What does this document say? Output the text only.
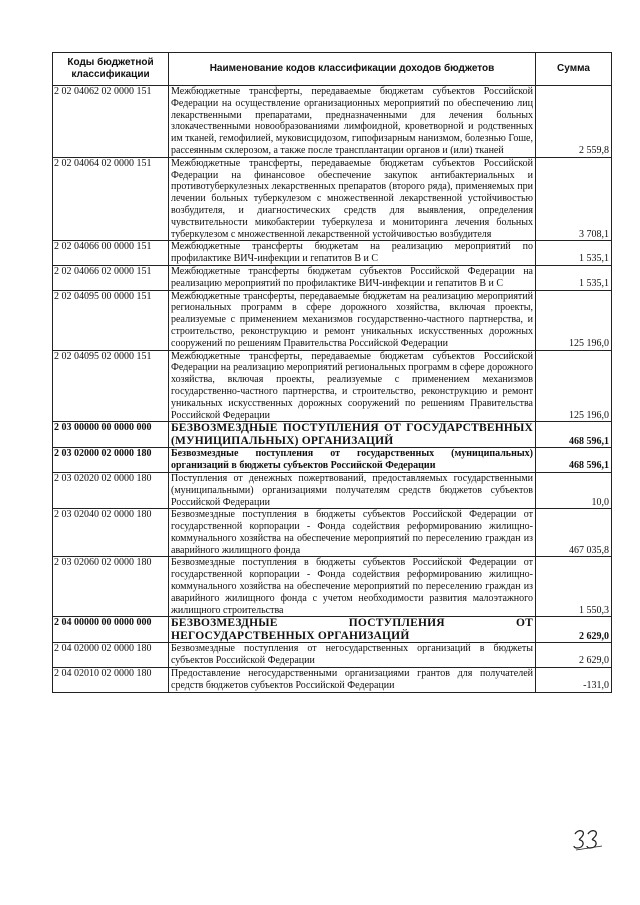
Коды бюджетной классификации	Наименование кодов классификации доходов бюджетов	Сумма
2 02 04062 02 0000 151	Межбюджетные трансферты, передаваемые бюджетам субъектов Российской Федерации на осуществление организационных мероприятий по обеспечению лиц лекарственными препаратами, предназначенными для лечения больных злокачественными новообразованиями лимфоидной, кроветворной и родственных им тканей, гемофилией, муковисцидозом, гипофизарным нанизмом, болезнью Гоше, рассеянным склерозом, а также после трансплантации органов и (или) тканей	2 559,8
2 02 04064 02 0000 151	Межбюджетные трансферты, передаваемые бюджетам субъектов Российской Федерации на финансовое обеспечение закупок антибактериальных и противотуберкулезных лекарственных препаратов (второго ряда), применяемых при лечении больных туберкулезом с множественной лекарственной устойчивостью возбудителя, и диагностических средств для выявления, определения чувствительности микобактерии туберкулеза и мониторинга лечения больных туберкулезом с множественной лекарственной устойчивостью возбудителя	3 708,1
2 02 04066 00 0000 151	Межбюджетные трансферты бюджетам на реализацию мероприятий по профилактике ВИЧ-инфекции и гепатитов В и С	1 535,1
2 02 04066 02 0000 151	Межбюджетные трансферты бюджетам субъектов Российской Федерации на реализацию мероприятий по профилактике ВИЧ-инфекции и гепатитов В и С	1 535,1
2 02 04095 00 0000 151	Межбюджетные трансферты, передаваемые бюджетам на реализацию мероприятий региональных программ в сфере дорожного хозяйства, включая проекты, реализуемые с применением механизмов государственно-частного партнерства, и строительство, реконструкцию и ремонт уникальных искусственных дорожных сооружений по решениям Правительства Российской Федерации	125 196,0
2 02 04095 02 0000 151	Межбюджетные трансферты, передаваемые бюджетам субъектов Российской Федерации на реализацию мероприятий региональных программ в сфере дорожного хозяйства, включая проекты, реализуемые с применением механизмов государственно-частного партнерства, и строительство, реконструкцию и ремонт уникальных искусственных дорожных сооружений по решениям Правительства Российской Федерации	125 196,0
2 03 00000 00 0000 000	БЕЗВОЗМЕЗДНЫЕ ПОСТУПЛЕНИЯ ОТ ГОСУДАРСТВЕННЫХ (МУНИЦИПАЛЬНЫХ) ОРГАНИЗАЦИЙ	468 596,1
2 03 02000 02 0000 180	Безвозмездные поступления от государственных (муниципальных) организаций в бюджеты субъектов Российской Федерации	468 596,1
2 03 02020 02 0000 180	Поступления от денежных пожертвований, предоставляемых государственными (муниципальными) организациями получателям средств бюджетов субъектов Российской Федерации	10,0
2 03 02040 02 0000 180	Безвозмездные поступления в бюджеты субъектов Российской Федерации от государственной корпорации - Фонда содействия реформированию жилищно-коммунального хозяйства на обеспечение мероприятий по переселению граждан из аварийного жилищного фонда	467 035,8
2 03 02060 02 0000 180	Безвозмездные поступления в бюджеты субъектов Российской Федерации от государственной корпорации - Фонда содействия реформированию жилищно-коммунального хозяйства на обеспечение мероприятий по переселению граждан из аварийного жилищного фонда с учетом необходимости развития малоэтажного жилищного строительства	1 550,3
2 04 00000 00 0000 000	БЕЗВОЗМЕЗДНЫЕ ПОСТУПЛЕНИЯ ОТ НЕГОСУДАРСТВЕННЫХ ОРГАНИЗАЦИЙ	2 629,0
2 04 02000 02 0000 180	Безвозмездные поступления от негосударственных организаций в бюджеты субъектов Российской Федерации	2 629,0
2 04 02010 02 0000 180	Предоставление негосударственными организациями грантов для получателей средств бюджетов субъектов Российской Федерации	-131,0
